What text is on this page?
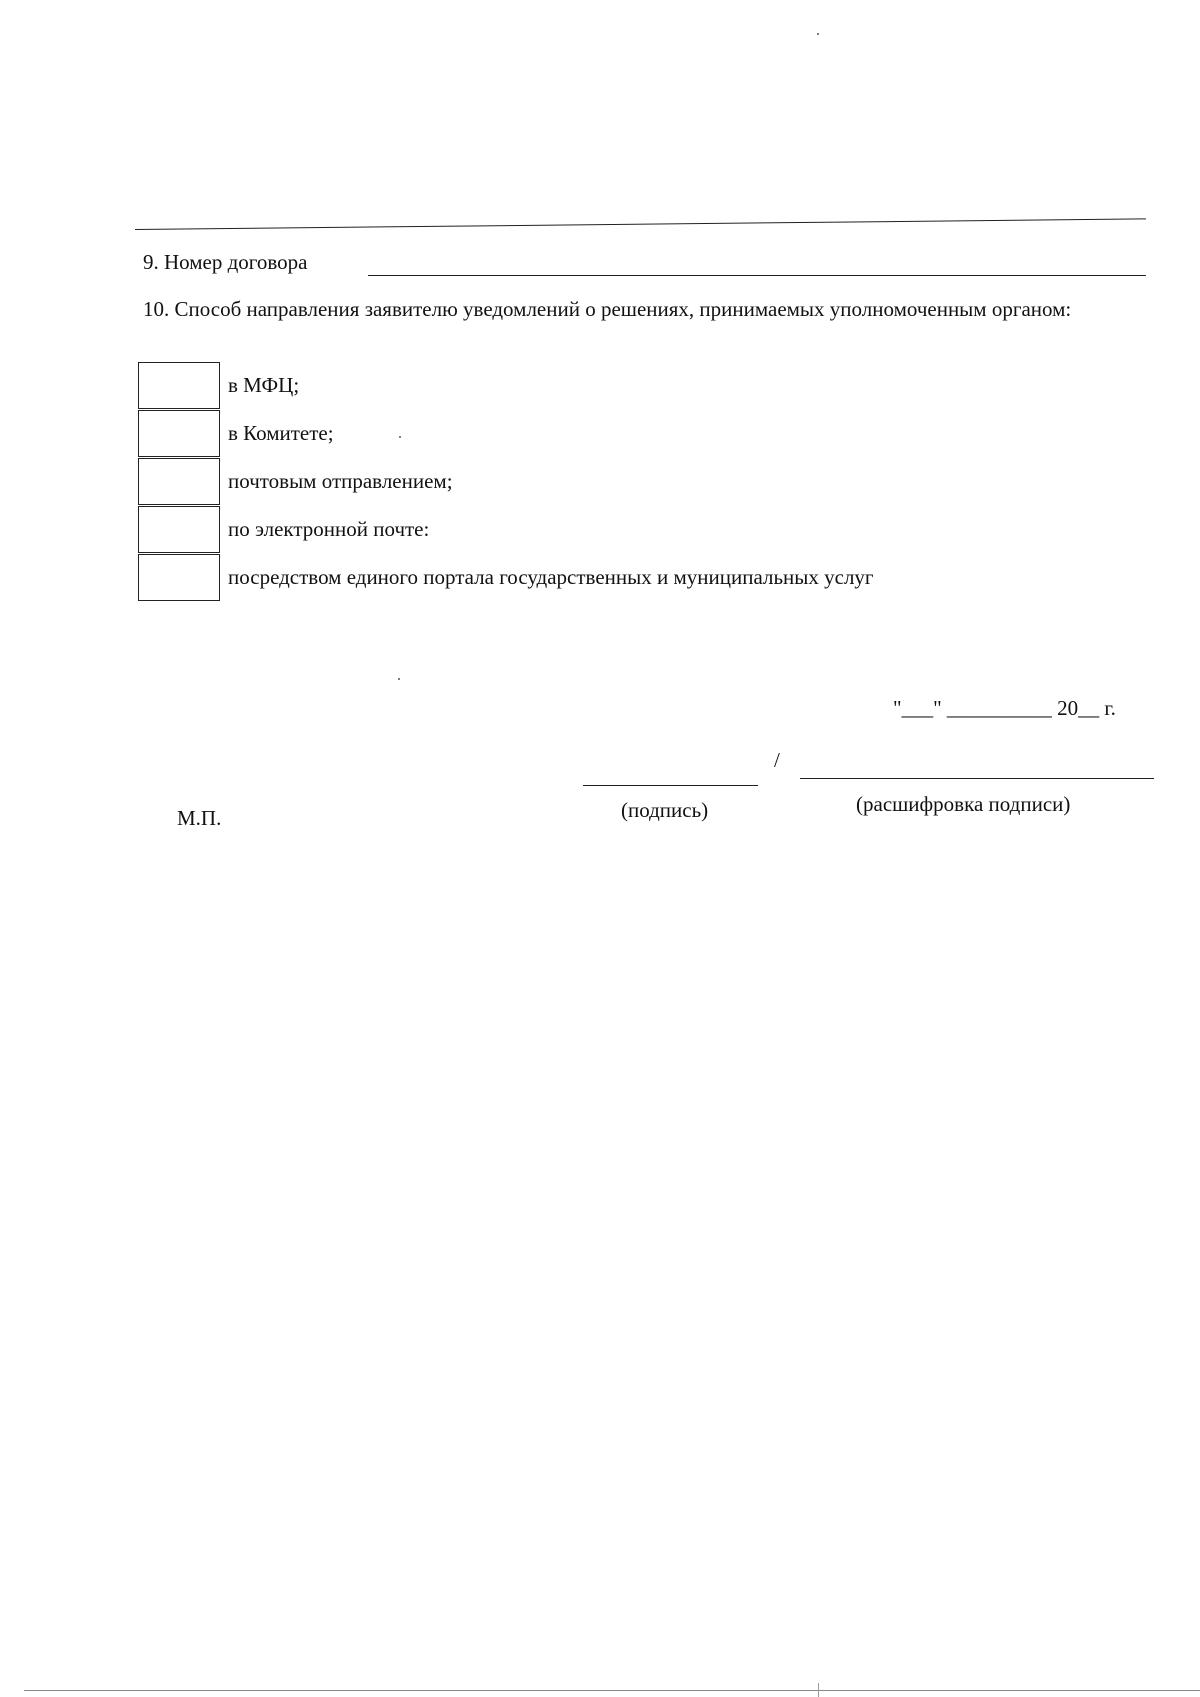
9. Номер договора
10. Способ направления заявителю уведомлений о решениях, принимаемых уполномоченным органом:
в МФЦ;
в Комитете;
почтовым отправлением;
по электронной почте:
посредством единого портала государственных и муниципальных услуг
"___" __________ 20__ г.
/
(подпись)	(расшифровка подписи)
М.П.
